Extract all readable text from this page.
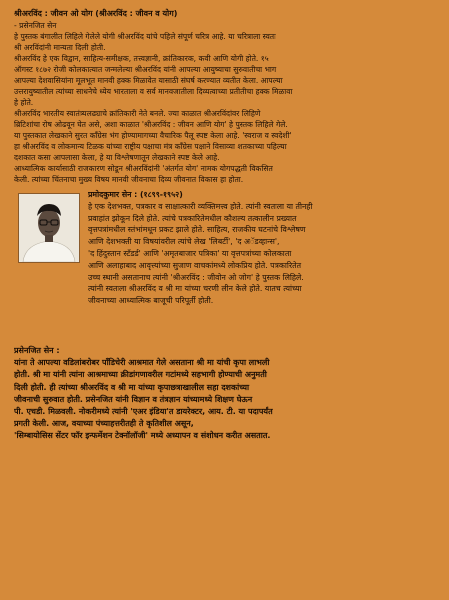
श्रीअरविंद : जीवन ओ योग (श्रीअरविंद : जीवन व योग)
- प्रसेनजित सेन
हे पुस्तक बंगालीत लिहिले गेलेले योगी श्रीअरविंद यांचे पहिले संपूर्ण चरित्र आहे. या चरित्राला स्वतः
श्री अरविंदांनी मान्यता दिली होती.
श्रीअरविंद हे एक विद्वान, साहित्य-समीक्षक, तत्त्वज्ञानी, क्रांतिकारक, कवी आणि योगी होते. १५
ऑगस्ट १८७२ रोजी कोलकात्यात जन्मलेल्या श्रीअरविंद यांनी आपल्या आयुष्याचा सुरुवातीचा भाग
आपल्या देशवासियांना मूलभूत मानवी हक्क मिळावेत यासाठी संघर्ष करण्यात व्यतीत केला. आपल्या
उत्तरायुष्यातील त्यांच्या साधनेचे ध्येय भारताला व सर्व मानवजातीला दिव्यत्वाच्या प्रतीतीचा हक्क मिळावा
हे होते.
श्रीअरविंद भारतीय स्वातंत्र्यलढ्याचे क्रांतिकारी नेते बनले. ज्या काळात श्रीअरविंदांवर लिहिणे
ब्रिटिशांचा रोष ओढवून घेत असे, अशा काळात 'श्रीअरविंद : जीवन आणि योग' हे पुस्तक लिहिले गेले.
या पुस्तकात लेखकाने सुरत काँग्रेस भंग होण्यामागच्या वैचारिक पैलू स्पष्ट केला आहे. 'स्वराज व स्वदेशी'
हा श्रीअरविंद व लोकमान्य टिळक यांच्या राष्ट्रीय पक्षाचा मंत्र काँग्रेस पक्षाने विसाव्या शतकाच्या पहिल्या
दशकात कसा आपलासा केला, हे या विश्लेषणातून लेखकाने स्पष्ट केले आहे.
आध्यात्मिक कार्यासाठी राजकारण सोडून श्रीअरविंदांनी 'अंतर्गत योग' नामक योगपद्धती विकसित
केली. त्यांच्या चिंतनाचा मुख्य विषय मानवी जीवनाचा दिव्य जीवनात विकास हा होता.
प्रमोदकुमार सेन : (१८९९-१९५२)
हे एक देशभक्त, पत्रकार व साक्षात्कारी व्यक्तिमत्त्व होते. त्यांनी स्वतःला या तीनही
प्रवाहांत झोकून दिले होते. त्यांचे पत्रकारितेमधील कौशल्य तत्कालीन प्रख्यात
वृत्तपत्रांमधील स्तंभांमधून प्रकट झाले होते. साहित्य, राजकीय घटनांचे विश्लेषण
आणि देशभक्ती या विषयांवरील त्यांचे लेख 'लिबर्टी', 'द अॅडव्हान्स',
'द हिंदुस्तान स्टँडर्ड' आणि 'अमृतबाजार पत्रिका' या वृत्तपत्रांच्या कोलकाता
आणि अलाहाबाद आवृत्त्यांच्या सुजाण वाचकांमध्ये लोकप्रिय होते. पत्रकारितेत
उच्च स्थानी असतानाच त्यांनी 'श्रीअरविंद : जीवोन ओ जोग' हे पुस्तक लिहिले.
त्यांनी स्वतःला श्रीअरविंद व श्री मा यांच्या चरणी लीन केले होते. यातच त्यांच्या
जीवनाच्या आध्यात्मिक बाजूची परिपूर्ती होती.
प्रसेनजित सेन :
यांना ते आपल्या वडिलांबरोबर पाँडिचेरी आश्रमात गेले असताना श्री मा यांची कृपा लाभली
होती. श्री मा यांनी त्यांना आश्रमाच्या क्रीडांगणावरील गटांमध्ये सहभागी होण्याची अनुमती
दिली होती. ही त्यांच्या श्रीअरविंद व श्री मा यांच्या कृपाछत्राखालील सहा दशकांच्या
जीवनाची सुरुवात होती. प्रसेनजित यांनी विज्ञान व तंत्रज्ञान यांच्यामध्ये शिक्षण घेऊन
पी. एचडी. मिळवली. नोकरीमध्ये त्यांनी 'एअर इंडिया'त डायरेक्टर, आय. टी. या पदापर्यंत
प्रगती केली. आज, वयाच्या पंच्याहत्तरीतही ते कृतिशील असून,
'सिम्बायोसिस सेंटर फॉर इन्फर्मेशन टेक्नॉलॉजी' मध्ये अध्यापन व संशोधन करीत असतात.
